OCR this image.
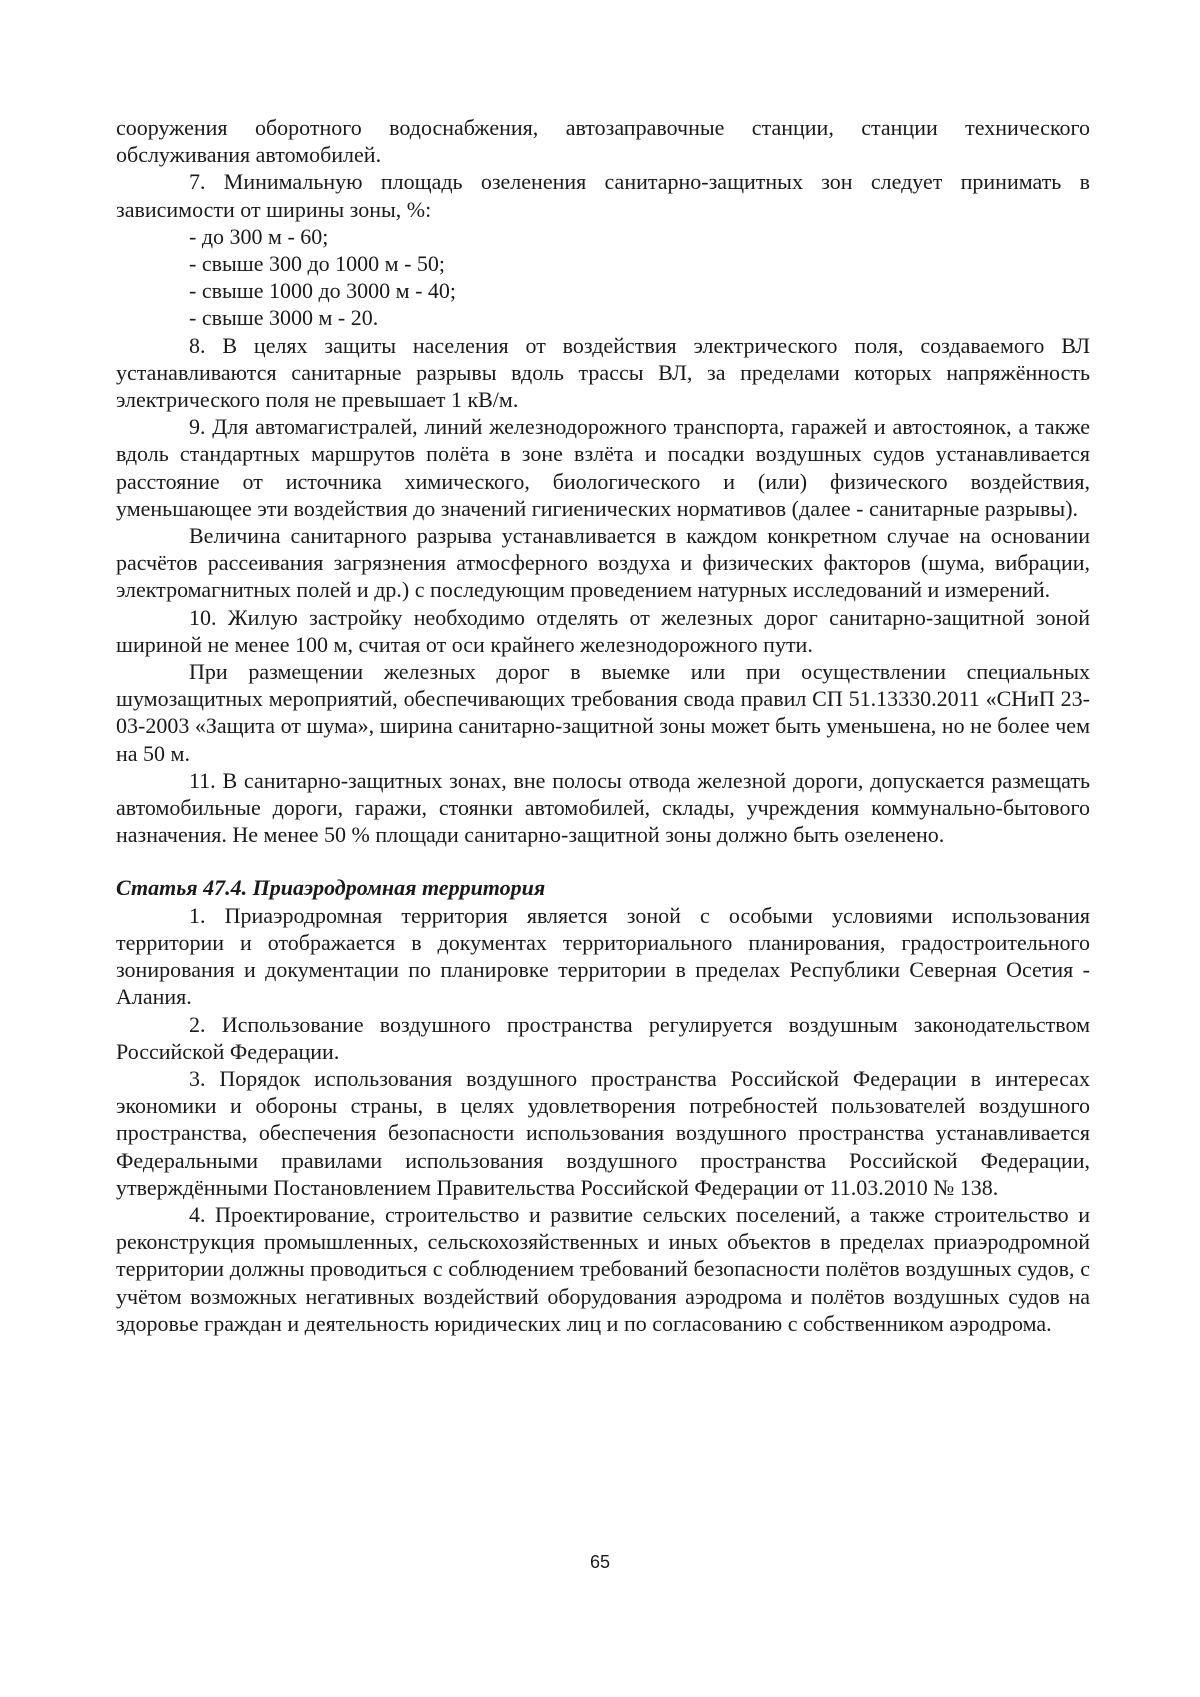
сооружения оборотного водоснабжения, автозаправочные станции, станции технического обслуживания автомобилей.

7. Минимальную площадь озеленения санитарно-защитных зон следует принимать в зависимости от ширины зоны, %:

- до 300 м - 60;

- свыше 300 до 1000 м - 50;

- свыше 1000 до 3000 м - 40;

- свыше 3000 м - 20.

8. В целях защиты населения от воздействия электрического поля, создаваемого ВЛ устанавливаются санитарные разрывы вдоль трассы ВЛ, за пределами которых напряжённость электрического поля не превышает 1 кВ/м.

9. Для автомагистралей, линий железнодорожного транспорта, гаражей и автостоянок, а также вдоль стандартных маршрутов полёта в зоне взлёта и посадки воздушных судов устанавливается расстояние от источника химического, биологического и (или) физического воздействия, уменьшающее эти воздействия до значений гигиенических нормативов (далее - санитарные разрывы).

Величина санитарного разрыва устанавливается в каждом конкретном случае на основании расчётов рассеивания загрязнения атмосферного воздуха и физических факторов (шума, вибрации, электромагнитных полей и др.) с последующим проведением натурных исследований и измерений.

10. Жилую застройку необходимо отделять от железных дорог санитарно-защитной зоной шириной не менее 100 м, считая от оси крайнего железнодорожного пути.

При размещении железных дорог в выемке или при осуществлении специальных шумозащитных мероприятий, обеспечивающих требования свода правил СП 51.13330.2011 «СНиП 23-03-2003 «Защита от шума», ширина санитарно-защитной зоны может быть уменьшена, но не более чем на 50 м.

11. В санитарно-защитных зонах, вне полосы отвода железной дороги, допускается размещать автомобильные дороги, гаражи, стоянки автомобилей, склады, учреждения коммунально-бытового назначения. Не менее 50 % площади санитарно-защитной зоны должно быть озеленено.

Статья 47.4. Приаэродромная территория

1. Приаэродромная территория является зоной с особыми условиями использования территории и отображается в документах территориального планирования, градостроительного зонирования и документации по планировке территории в пределах Республики Северная Осетия - Алания.

2. Использование воздушного пространства регулируется воздушным законодательством Российской Федерации.

3. Порядок использования воздушного пространства Российской Федерации в интересах экономики и обороны страны, в целях удовлетворения потребностей пользователей воздушного пространства, обеспечения безопасности использования воздушного пространства устанавливается Федеральными правилами использования воздушного пространства Российской Федерации, утверждёнными Постановлением Правительства Российской Федерации от 11.03.2010 № 138.

4. Проектирование, строительство и развитие сельских поселений, а также строительство и реконструкция промышленных, сельскохозяйственных и иных объектов в пределах приаэродромной территории должны проводиться с соблюдением требований безопасности полётов воздушных судов, с учётом возможных негативных воздействий оборудования аэродрома и полётов воздушных судов на здоровье граждан и деятельность юридических лиц и по согласованию с собственником аэродрома.

65
